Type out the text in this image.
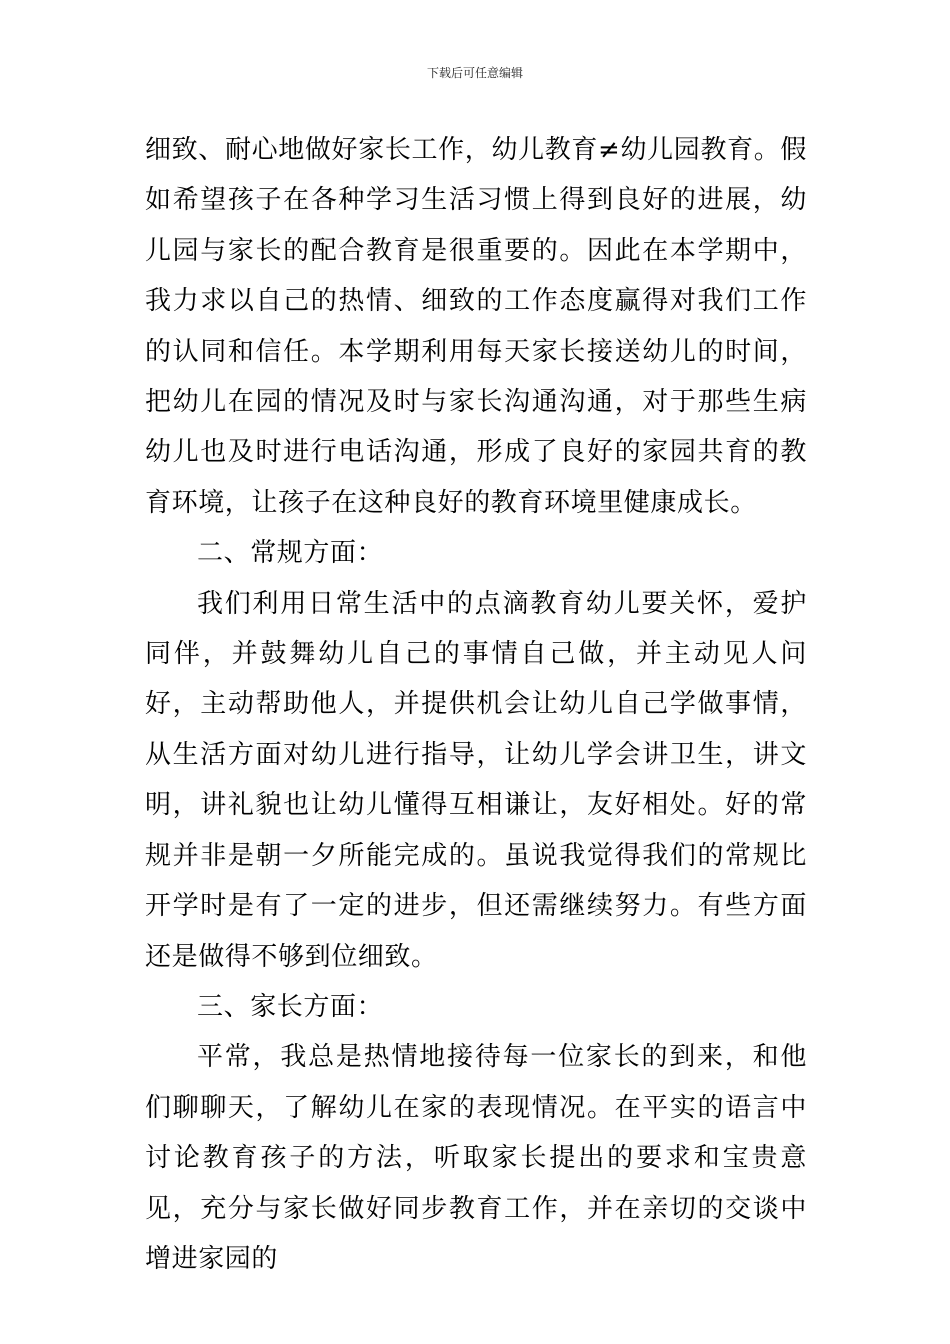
下载后可任意编辑

细致、耐心地做好家长工作，幼儿教育≠幼儿园教育。假如希望孩子在各种学习生活习惯上得到良好的进展，幼儿园与家长的配合教育是很重要的。因此在本学期中，我力求以自己的热情、细致的工作态度赢得对我们工作的认同和信任。本学期利用每天家长接送幼儿的时间，把幼儿在园的情况及时与家长沟通沟通，对于那些生病幼儿也及时进行电话沟通，形成了良好的家园共育的教育环境，让孩子在这种良好的教育环境里健康成长。

二、常规方面：

我们利用日常生活中的点滴教育幼儿要关怀，爱护同伴，并鼓舞幼儿自己的事情自己做，并主动见人问好，主动帮助他人，并提供机会让幼儿自己学做事情，从生活方面对幼儿进行指导，让幼儿学会讲卫生，讲文明，讲礼貌也让幼儿懂得互相谦让，友好相处。好的常规并非是朝一夕所能完成的。虽说我觉得我们的常规比开学时是有了一定的进步，但还需继续努力。有些方面还是做得不够到位细致。

三、家长方面：

平常，我总是热情地接待每一位家长的到来，和他们聊聊天，了解幼儿在家的表现情况。在平实的语言中讨论教育孩子的方法，听取家长提出的要求和宝贵意见，充分与家长做好同步教育工作，并在亲切的交谈中增进家园的
